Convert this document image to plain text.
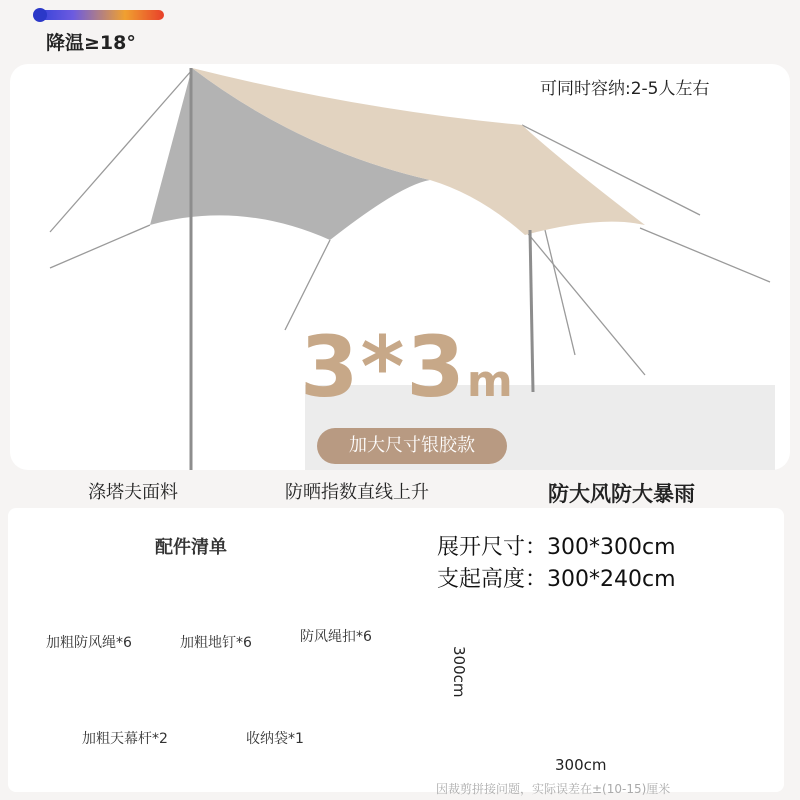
降温≥18°
可同时容纳:2-5人左右
3*3m
加大尺寸银胶款
涤塔夫面料	防晒指数直线上升	防大风防大暴雨
配件清单
加粗防风绳*6	加粗地钉*6	防风绳扣*6
加粗天幕杆*2	收纳袋*1
展开尺寸：300*300cm
支起高度：300*240cm
300cm
300cm
因裁剪拼接问题，实际误差在±(10-15)厘米
